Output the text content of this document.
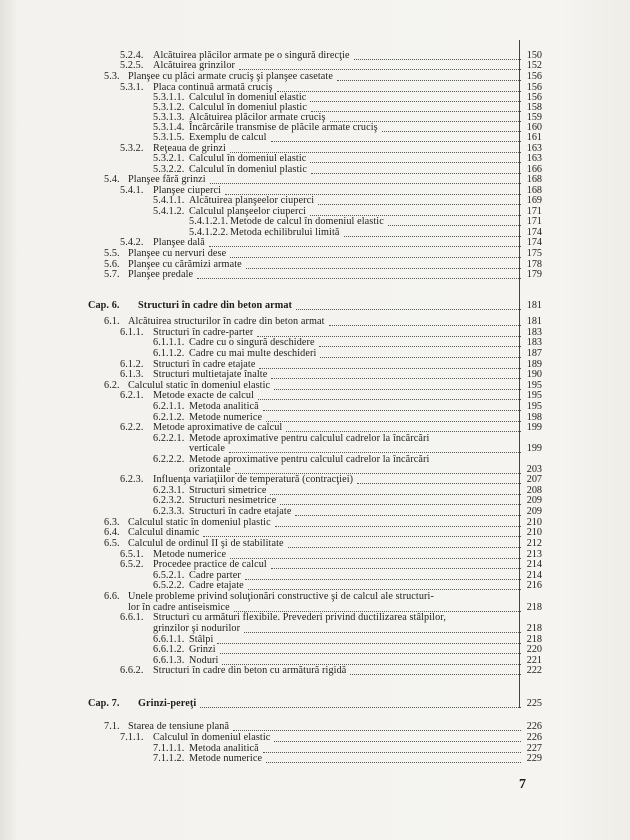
5.2.4. Alcătuirea plăcilor armate pe o singură direcţie	150
5.2.5. Alcătuirea grinzilor	152
5.3. Planşee cu plăci armate cruciş şi planşee casetate	156
5.3.1. Placa continuă armată cruciş	156
5.3.1.1. Calculul în domeniul elastic	156
5.3.1.2. Calculul în domeniul plastic	158
5.3.1.3. Alcătuirea plăcilor armate cruciş	159
5.3.1.4. Încărcările transmise de plăcile armate cruciş	160
5.3.1.5. Exemplu de calcul	161
5.3.2. Reţeaua de grinzi	163
5.3.2.1. Calculul în domeniul elastic	163
5.3.2.2. Calculul în domeniul plastic	166
5.4. Planşee fără grinzi	168
5.4.1. Planşee ciuperci	168
5.4.1.1. Alcătuirea planşeelor ciuperci	169
5.4.1.2. Calculul planşeelor ciuperci	171
5.4.1.2.1. Metode de calcul în domeniul elastic	171
5.4.1.2.2. Metoda echilibrului limită	174
5.4.2. Planşee dală	174
5.5. Planşee cu nervuri dese	175
5.6. Planşee cu cărămizi armate	178
5.7. Planşee predale	179
Cap. 6.	Structuri în cadre din beton armat	181
6.1. Alcătuirea structurilor în cadre din beton armat	181
6.1.1. Structuri în cadre-parter	183
6.1.1.1. Cadre cu o singură deschidere	183
6.1.1.2. Cadre cu mai multe deschideri	187
6.1.2. Structuri în cadre etajate	189
6.1.3. Structuri multietajate înalte	190
6.2. Calculul static în domeniul elastic	195
6.2.1. Metode exacte de calcul	195
6.2.1.1. Metoda analitică	195
6.2.1.2. Metode numerice	198
6.2.2. Metode aproximative de calcul	199
6.2.2.1. Metode aproximative pentru calculul cadrelor la încărcări
verticale	199
6.2.2.2. Metode aproximative pentru calculul cadrelor la încărcări
orizontale	203
6.2.3. Influenţa variaţiilor de temperatură (contracţiei)	207
6.2.3.1. Structuri simetrice	208
6.2.3.2. Structuri nesimetrice	209
6.2.3.3. Structuri în cadre etajate	209
6.3. Calculul static în domeniul plastic	210
6.4. Calculul dinamic	210
6.5. Calculul de ordinul II şi de stabilitate	212
6.5.1. Metode numerice	213
6.5.2. Procedee practice de calcul	214
6.5.2.1. Cadre parter	214
6.5.2.2. Cadre etajate	216
6.6. Unele probleme privind soluţionări constructive şi de calcul ale structuri-
lor în cadre antiseismice	218
6.6.1. Structuri cu armături flexibile. Prevederi privind ductilizarea stâlpilor,
grinzilor şi nodurilor	218
6.6.1.1. Stâlpi	218
6.6.1.2. Grinzi	220
6.6.1.3. Noduri	221
6.6.2. Structuri în cadre din beton cu armătură rigidă	222
Cap. 7.	Grinzi-pereţi	225
7.1. Starea de tensiune plană	226
7.1.1. Calculul în domeniul elastic	226
7.1.1.1. Metoda analitică	227
7.1.1.2. Metode numerice	229
7
